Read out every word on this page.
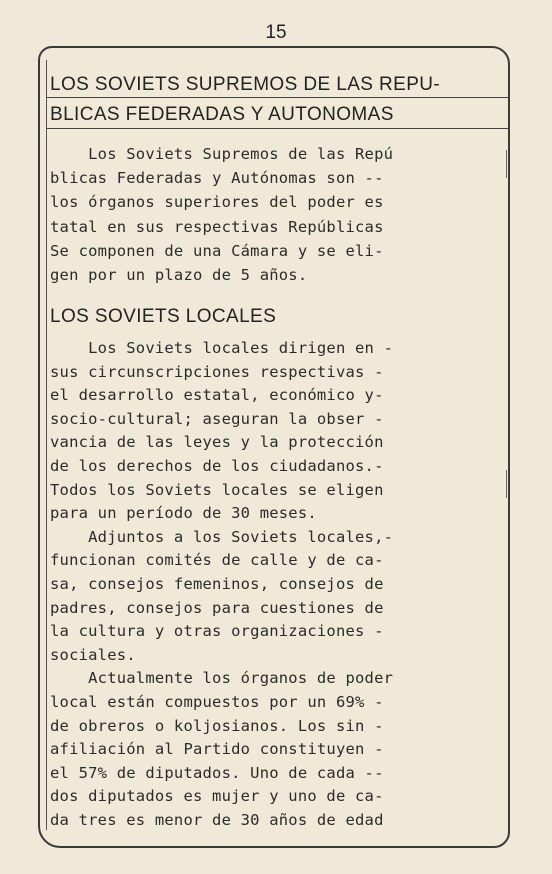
15
LOS SOVIETS SUPREMOS DE LAS REPU-
BLICAS FEDERADAS Y AUTONOMAS
Los Soviets Supremos de las Repú
blicas Federadas y Autónomas son --
los órganos superiores del poder es
tatal en sus respectivas Repúblicas
Se componen de una Cámara y se eli-
gen por un plazo de 5 años.
LOS SOVIETS LOCALES
Los Soviets locales dirigen en -
sus circunscripciones respectivas -
el desarrollo estatal, económico y-
socio-cultural; aseguran la obser -
vancia de las leyes y la protección
de los derechos de los ciudadanos.-
Todos los Soviets locales se eligen
para un período de 30 meses.
Adjuntos a los Soviets locales,-
funcionan comités de calle y de ca-
sa, consejos femeninos, consejos de
padres, consejos para cuestiones de
la cultura y otras organizaciones -
sociales.
Actualmente los órganos de poder
local están compuestos por un 69% -
de obreros o koljosianos. Los sin -
afiliación al Partido constituyen -
el 57% de diputados. Uno de cada --
dos diputados es mujer y uno de ca-
da tres es menor de 30 años de edad
